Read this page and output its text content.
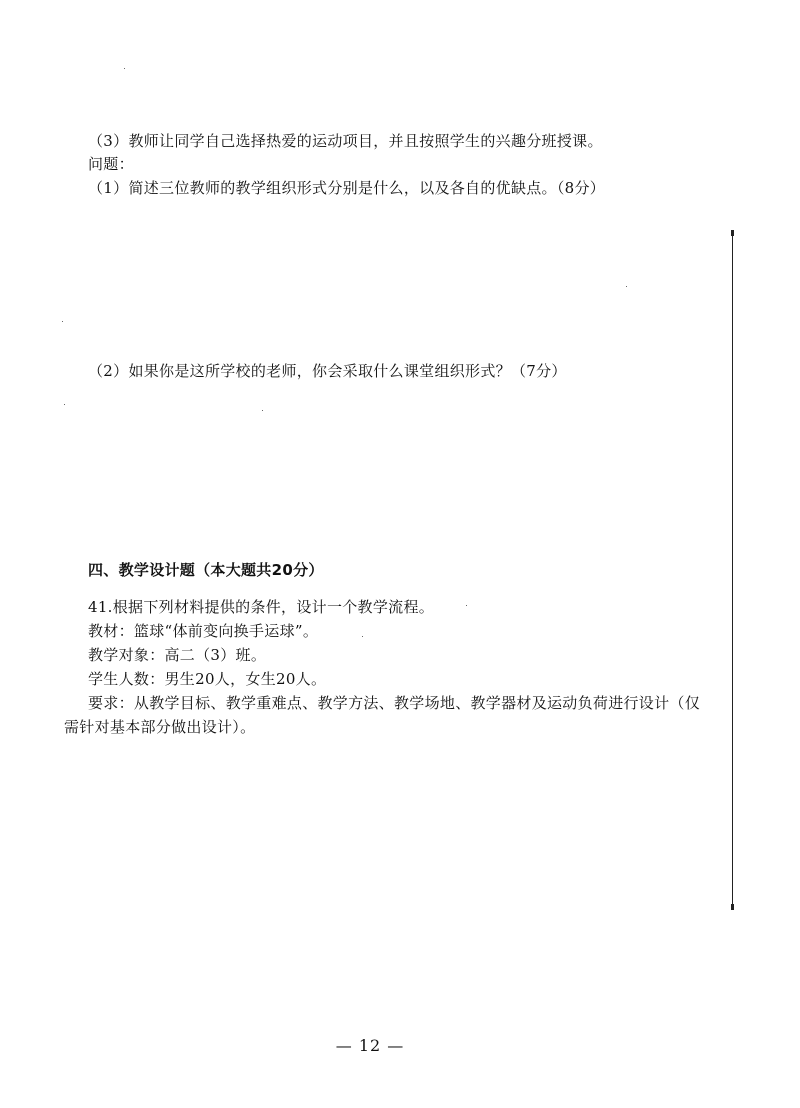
（3）教师让同学自己选择热爱的运动项目，并且按照学生的兴趣分班授课。
问题：
（1）简述三位教师的教学组织形式分别是什么，以及各自的优缺点。（8分）
（2）如果你是这所学校的老师，你会采取什么课堂组织形式？（7分）
四、教学设计题（本大题共20分）
41.根据下列材料提供的条件，设计一个教学流程。
教材：篮球“体前变向换手运球”。
教学对象：高二（3）班。
学生人数：男生20人，女生20人。
要求：从教学目标、教学重难点、教学方法、教学场地、教学器材及运动负荷进行设计（仅
需针对基本部分做出设计）。
— 12 —
